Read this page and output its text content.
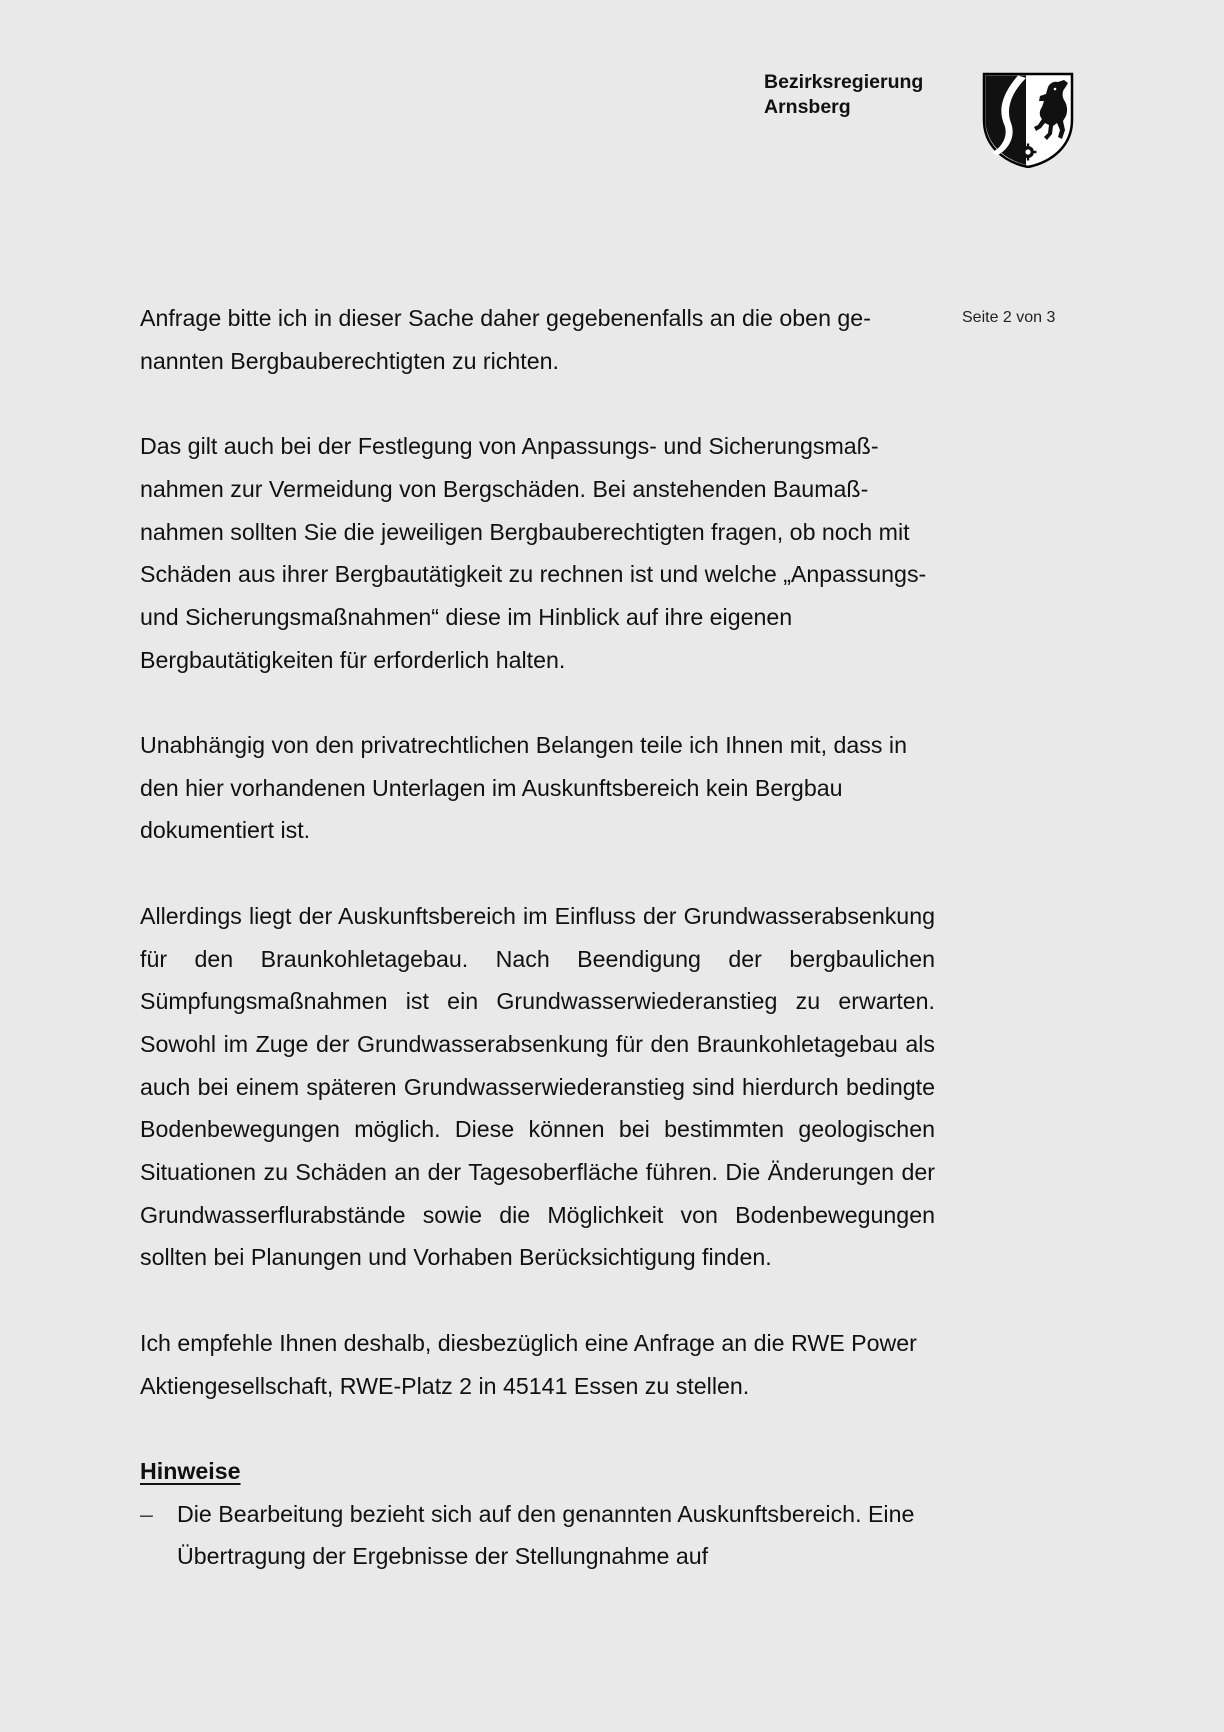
Bezirksregierung
Arnsberg
Seite 2 von 3

Anfrage bitte ich in dieser Sache daher gegebenenfalls an die oben genannten Bergbauberechtigten zu richten.

Das gilt auch bei der Festlegung von Anpassungs- und Sicherungsmaßnahmen zur Vermeidung von Bergschäden. Bei anstehenden Baumaßnahmen sollten Sie die jeweiligen Bergbauberechtigten fragen, ob noch mit Schäden aus ihrer Bergbautätigkeit zu rechnen ist und welche „Anpassungs- und Sicherungsmaßnahmen“ diese im Hinblick auf ihre eigenen Bergbautätigkeiten für erforderlich halten.

Unabhängig von den privatrechtlichen Belangen teile ich Ihnen mit, dass in den hier vorhandenen Unterlagen im Auskunftsbereich kein Bergbau dokumentiert ist.

Allerdings liegt der Auskunftsbereich im Einfluss der Grundwasserabsenkung für den Braunkohletagebau. Nach Beendigung der bergbaulichen Sümpfungsmaßnahmen ist ein Grundwasserwiederanstieg zu erwarten. Sowohl im Zuge der Grundwasserabsenkung für den Braunkohletagebau als auch bei einem späteren Grundwasserwiederanstieg sind hierdurch bedingte Bodenbewegungen möglich. Diese können bei bestimmten geologischen Situationen zu Schäden an der Tagesoberfläche führen. Die Änderungen der Grundwasserflurabstände sowie die Möglichkeit von Bodenbewegungen sollten bei Planungen und Vorhaben Berücksichtigung finden.

Ich empfehle Ihnen deshalb, diesbezüglich eine Anfrage an die RWE Power Aktiengesellschaft, RWE-Platz 2 in 45141 Essen zu stellen.

Hinweise

– Die Bearbeitung bezieht sich auf den genannten Auskunftsbereich. Eine Übertragung der Ergebnisse der Stellungnahme auf
